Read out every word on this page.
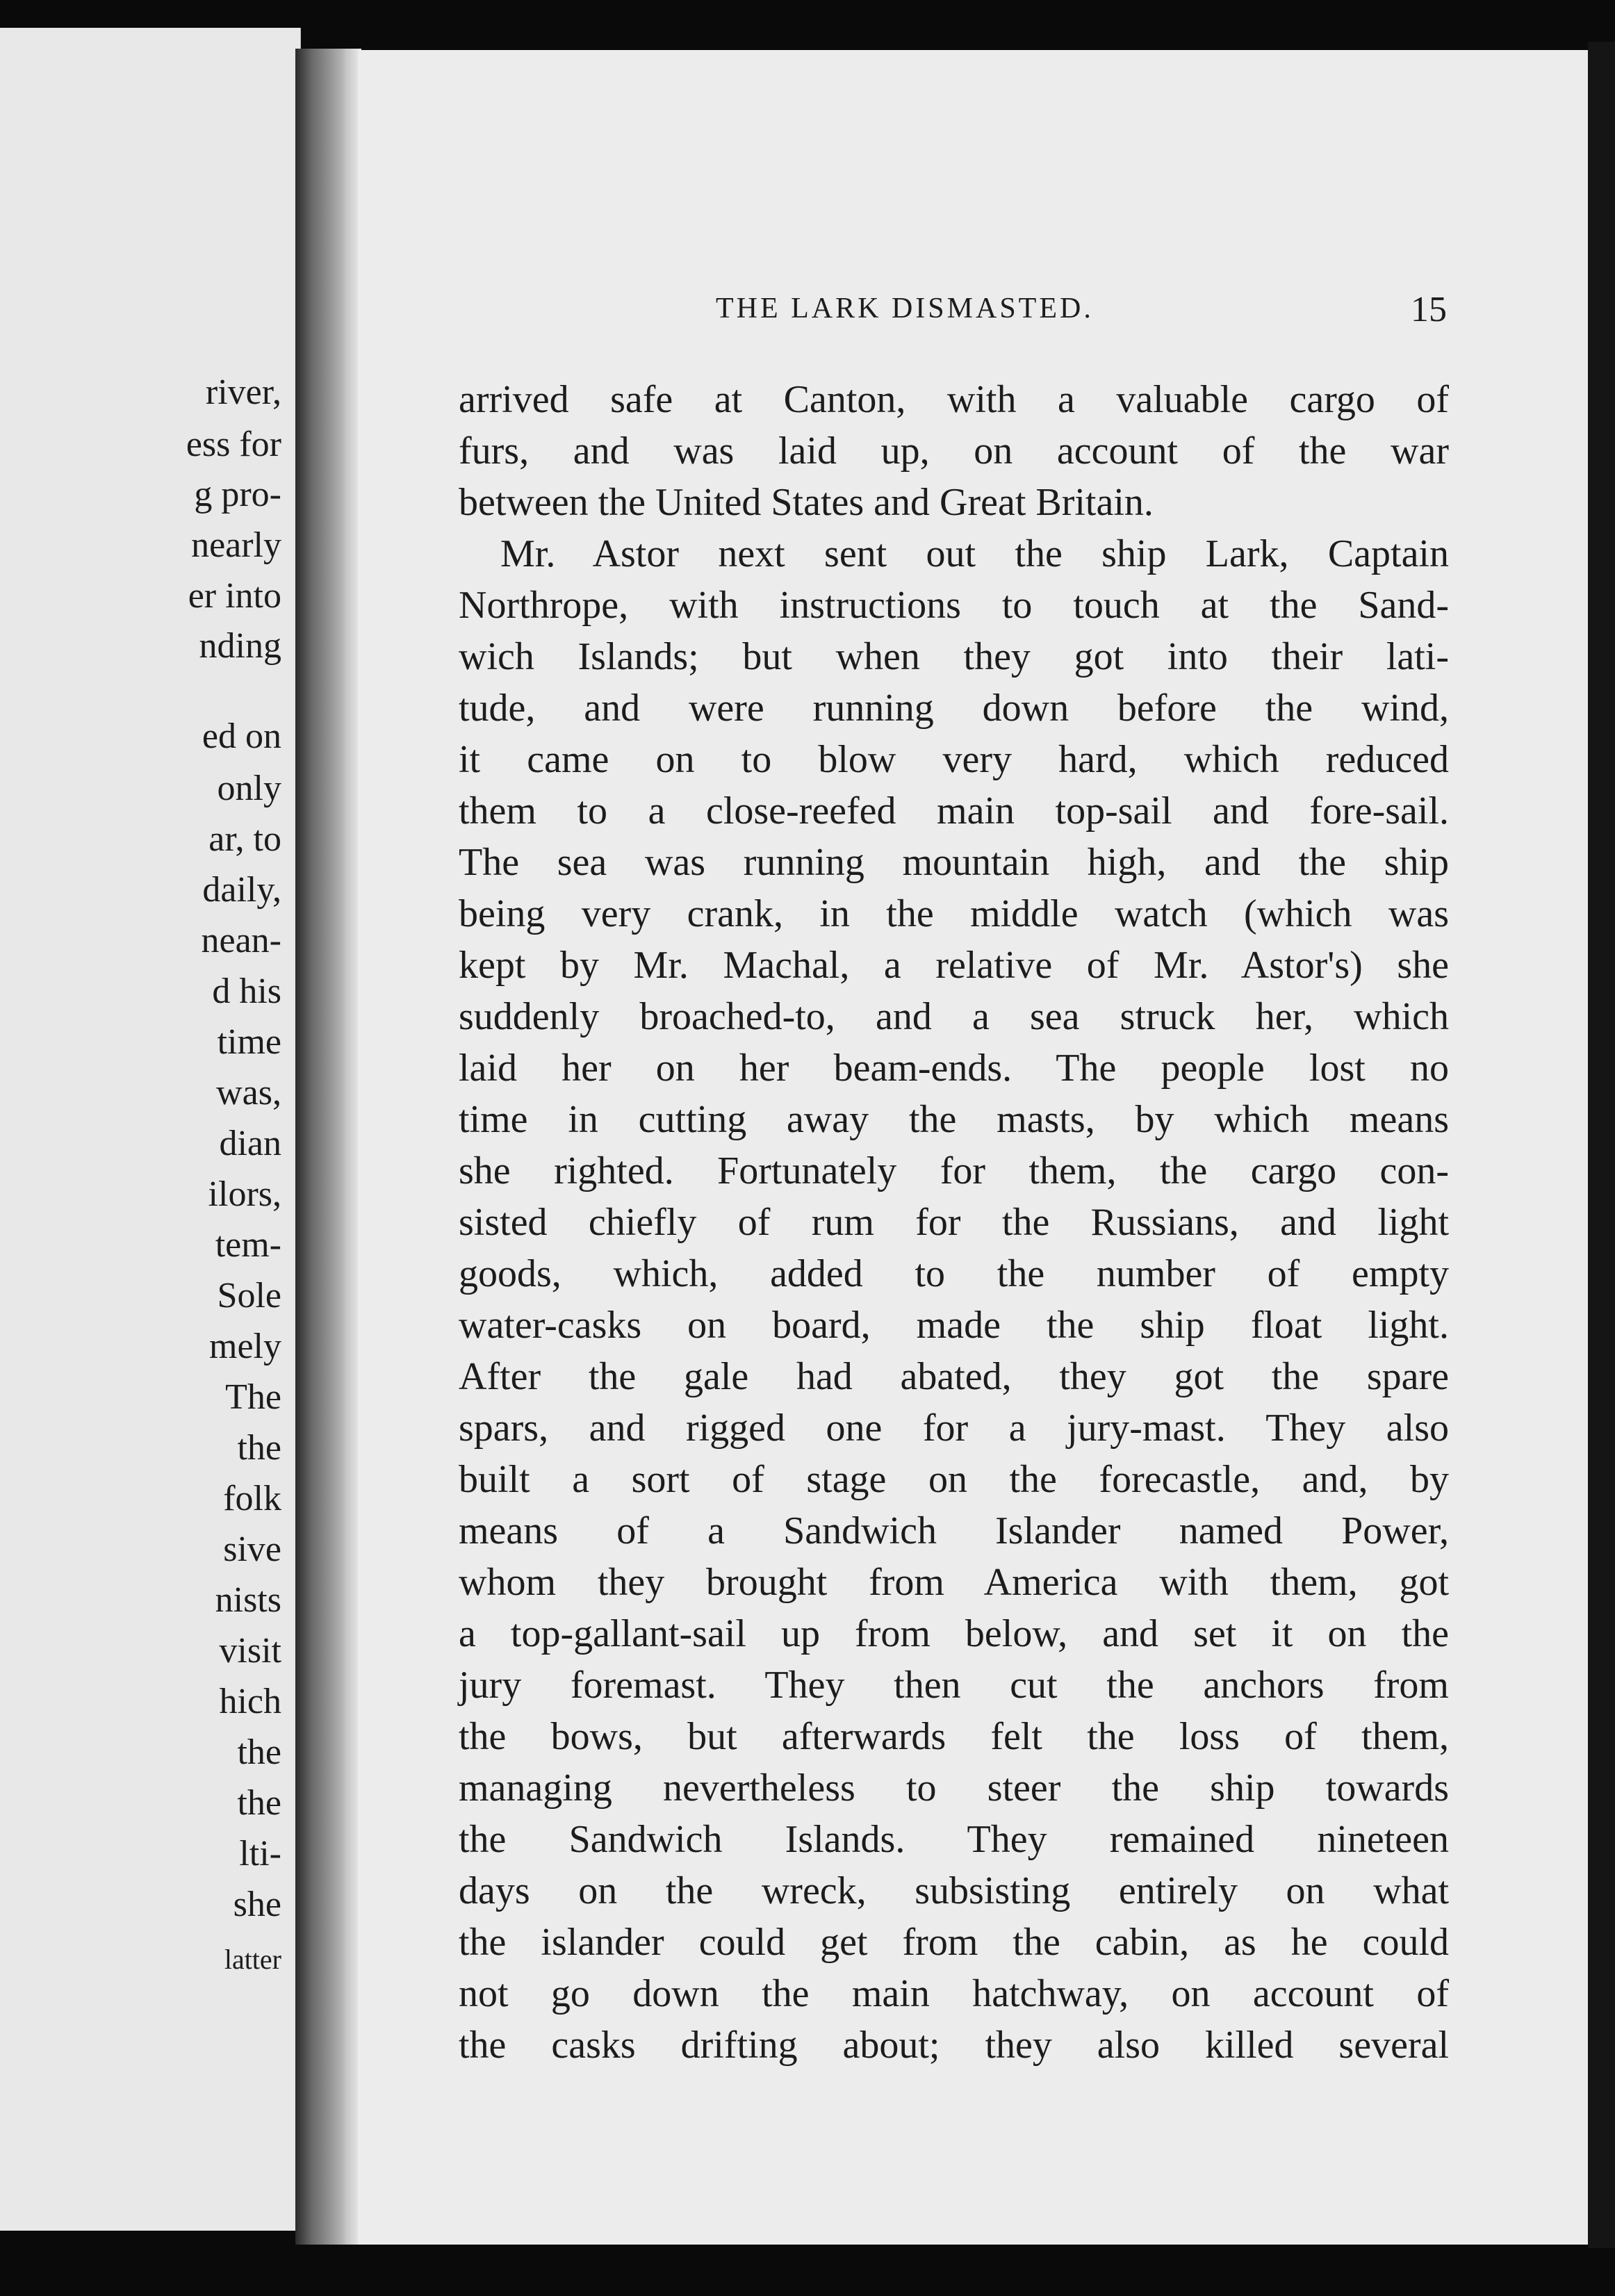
river,
ess for
g pro-
nearly
er into
nding
ed on
only
ar, to
daily,
nean-
d his
time
was,
dian
ilors,
tem-
Sole
mely
The
the
folk
sive
nists
visit
hich
the
the
lti-
she
latter
THE LARK DISMASTED.	15
arrived safe at Canton, with a valuable cargo of
furs, and was laid up, on account of the war
between the United States and Great Britain.
Mr. Astor next sent out the ship Lark, Captain
Northrope, with instructions to touch at the Sand-
wich Islands; but when they got into their lati-
tude, and were running down before the wind,
it came on to blow very hard, which reduced
them to a close-reefed main top-sail and fore-sail.
The sea was running mountain high, and the ship
being very crank, in the middle watch (which was
kept by Mr. Machal, a relative of Mr. Astor's) she
suddenly broached-to, and a sea struck her, which
laid her on her beam-ends. The people lost no
time in cutting away the masts, by which means
she righted. Fortunately for them, the cargo con-
sisted chiefly of rum for the Russians, and light
goods, which, added to the number of empty
water-casks on board, made the ship float light.
After the gale had abated, they got the spare
spars, and rigged one for a jury-mast. They also
built a sort of stage on the forecastle, and, by
means of a Sandwich Islander named Power,
whom they brought from America with them, got
a top-gallant-sail up from below, and set it on the
jury foremast. They then cut the anchors from
the bows, but afterwards felt the loss of them,
managing nevertheless to steer the ship towards
the Sandwich Islands. They remained nineteen
days on the wreck, subsisting entirely on what
the islander could get from the cabin, as he could
not go down the main hatchway, on account of
the casks drifting about; they also killed several
